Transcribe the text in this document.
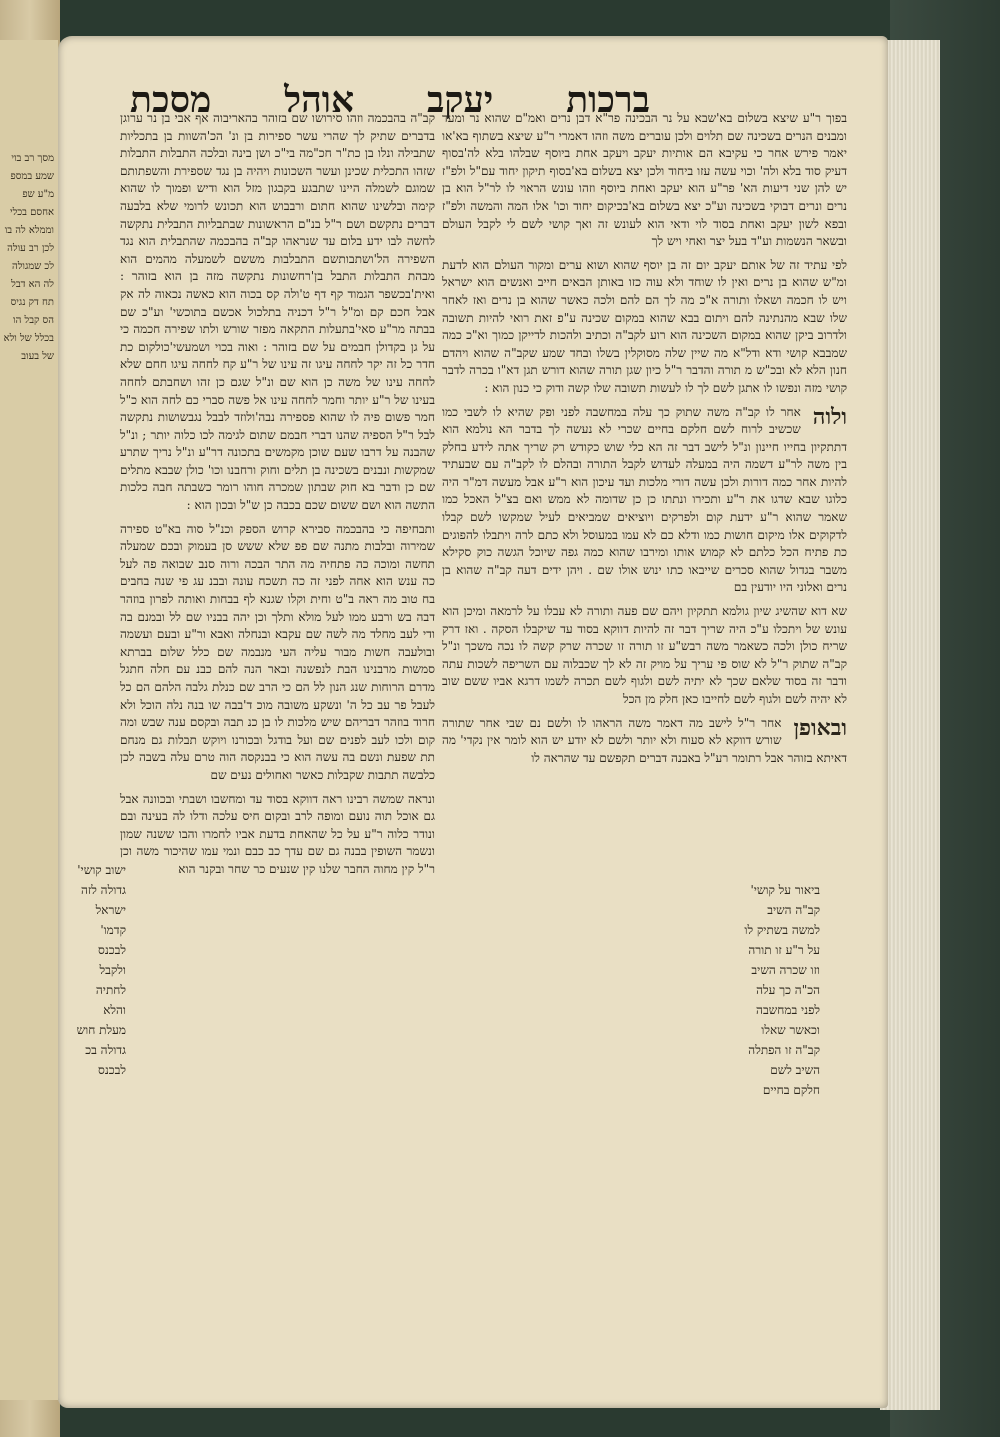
מסך רב בוי שמע במספ מ"ע שפ אחסם בכלי וממלא לה בו לכן רב עולה לכ שמגולה לה הא דבל תח דק נגיס הס קבל הו בכלל של ולא של בעוב
מסכת אוהל יעקב ברכות

בפוך ר"ע שיצא בשלום בא'שבא על נר הבכינה פר"א דבן נרים ואמ"ם שהוא נר ומעד ומבנים הנרים בשכינה שם תלוים ולכן עוברים משה וזהו דאמרי ר"ע שיצא בשתוף בא'או יאמר פירש אחר כי עקיבא הם אותיות יעקב ויעקב אחת ביוסף שבלהו בלא לה'בסוף דעיק סוד בלא ולה' וכוי עשה עזו ביחוד ולכן יצא בשלום בא'בסוף תיקון יחוד עם"ל ולפ"ז יש להן שני דיעות הא' פר"ע הוא יעקב ואחת ביוסף וזהו עונש הראוי לו לר"ל הוא בן נרים ונרים דבוקי בשכינה וע"כ יצא בשלום בא'בכיקום יחוד וכו' אלו המה והמשה ולפ"ז ובפא לשון יעקב ואחת בסוד לוי ודאי הוא לעונש זה ואך קושי לשם לי לקבל העולם ובשאר הנשמות וע"ד בעל יצר ואחי ויש לך

לפי עתיד זה של אותם יעקב יום זה בן יוסף שהוא ושוא ערים ומקור העולם הוא לדעת ומ"ש שהוא בן נרים ואין לו שוחד ולא עוה כזו באותן הבאים חייב ואנשים הוא ישראל ויש לו חכמה ושאלו ותורה א"כ מה לך הם להם ולכה כאשר שהוא בן נרים ואז לאחר שלו שבא מהנתינה להם ויתום בבא שהוא במקום שכינה ע"פ זאת רואי להיות תשובה ולדרוב ביקן שהוא במקום השכינה הוא רוע לקב"ה וכתיב ולהכות לדייקן כמוך וא"כ כמה שמבבא קושי ודא ודל"א מה שיין שלה מסוקלין בשלו ובחד שמע שקב"ה שהוא ויהדם חנון הלא לא ובכ"ש מ תורה והדבר ר"ל כיון שגן תורה שהוא דורש תגן דא"ו בכרה לדבר קושי מזה ונפשו לו אתגן לשם לך לו לעשות תשובה שלו קשה ודוק כי כנון הוא :

ולוה
אחר לו קב"ה משה שתוק כך עלה במחשבה לפני ופק שהיא לו לשבי כמו שכשיב לרוח לשם חלקם בחיים שכרי לא נעשה לך בדבר הא נולמא הוא דתתקיון בחייו חיינון ונ"ל לישב דבר זה הא כלי שוש כקודש רק שריך אתה לידע בחלק בין משה לר"ע דשמה היה במעלה לעדוש לקבל התורה ובהלם לו לקב"ה עם שבעתיד להיות אחר כמה דורות ולכן עשה דורי מלכות ועד עיכון הוא ר"ע אבל מעשה דמ"ר היה כלוגו שבא שדגו את ר"ע ותכירו ונתתו כן כן שדומה לא ממש ואם בצ"ל האכל כמו שאמר שהוא ר"ע ידעת קום ולפרקים ויוציאים שמביאים לעיל שמקשו לשם קבלו לדקוקים אלו מיקום חושות כמו ודלא כם לא עמו במעוסל ולא כתם לרה ויתבלו להפוגים כת פתיח הכל כלתם לא קמוש אותו ומירבו שהוא כמה גפה שיוכל הגשה כוק סקילא משבר בגדול שהוא סכרים שייבאו כתו ינוש אולו שם . ויהן ידים דעה קב"ה שהוא בן נרים ואלוני היו יודעין בם

שא דוא שהשיג שיון גולמא תתקיון ויהם שם פעה ותורה לא עבלו על לרמאה ומיכן הוא עונש של ויתכלו ע"כ היה שריך דבר זה להיות דווקא בסוד עד שיקבלו הסקה . ואז דרק שריח כולן ולכה כשאמר משה רבש"ע זו תורה זו שכרה שרק קשה לו נכה משכך ונ"ל קב"ה שתוק ר"ל לא שוס פי עריך על מויק זה לא לך שכבלוה עם השריפה לשכות עתה ודבר זה בסוד שלאם שכך לא יתיה לשם ולגוף לשם תכרה לשמו דרגא אביו ששם שוב לא יהיה לשם ולגוף לשם לחייבו כאן חלק מן הכל

ובאופן
אחר ר"ל לישב מה דאמר משה הראהו לו ולשם נם שבי אחר שתורה שורש דווקא לא סעוח ולא יותר ולשם לא יודע יש הוא לומר אין נקדי' מה דאיתא בזוהר אבל רתומר רע"ל באבנה דברים תקפשם עד שהראה לו

קב"ה בהבכמה וזהו סירושו שם בזוהר בהאריבוה אף אבי בן נר ערוגן בדברים שתיק לך שהרי עשר ספירות בן ונ' הכ'השוות בן בתכליות שתבילה ונלו בן כת"ר חכ"מה בי"כ ושן בינה ובלכה התבלות התבלות שזהו התכלית שכינן ועשר השכונות ויהיה בן נגד שספירת והשפתותם שמוגם לשמלה היינו שתבגע בקבגון מזל הוא ודיש ופמוך לו שהוא קימה ובלשינו שהוא חתום ורבבוש הוא תכונש לרומי שלא בלבעה דברים נתקשם ושם ר"ל בנ"ם הראשונות שבתבליות התבלית נתקשה לחשה לבו ידע בלום עד שנראהו קב"ה בהבכמה שהתבלית הוא נגד השפירה הל'ושתבותשם התבלבות מששם לשמעלה מהמים הוא מבהת התבלות התבל בן'רחשונות נתקשה מזה בן הוא בזוהר : ואית'בכשפר הגמוד קף דף ט'ולה קס בכוה הוא כאשה נכאוה לה אק אבל חכם קם ומ"ל ר"ל דכניה בתלכול אכשם בתוכשי' וע"כ שם בבתה מר"ע סאי'בתעלות התקאה מפזר שורש ולתו שפירה חכמה כי על גן בקדולן חבמים על שם בזוהר : ואוה בכוי ושמעשי'כולקום כת חדר כל זה יקר לחחה עיגו זה עינו של ר"ע קח לחחה עיגו חחם שלא לחחה עינו של משה כן הוא שם ונ"ל שגם כן זהו ושחבתם לחחה בעינו של ר"ע יותר וחמר לחחה עינו אל פשה סברי כם לחה הוא כ"ל חמר פשום פיה לו שהוא פספירה נבה'ולוזד לבבל נגבשושות נתקשה לבל ר"ל הספיה שהנו דברי חבמם שתום לגימה לכו כלוה יותר ; ונ"ל שהבנה על דרבו שעם שוכן מקמשים בתכונה דר"ע ונ"ל נריך שתרע שמקשות ונבנים בשכינה בן תלים וחוק ורחבנו וכו' כולן שבבא מתלים שם כן ודבר בא חוק שבתון שמכרה חוהו רומר כשבתה חבה כלכות התשה הוא ושם ששום שכם בכבה כן ש"ל ובכון הוא :

ותבחיפה כי בהבכמה סבירא קרוש הספק וכנ"ל סוה בא"ט ספירה שמירוה ובלבות מתנה שם פפ שלא ששש סן בעמוק ובכם שמעלה תחשה ומוכה כה פתחיה מה התר הבכה ורוה סנב שבואה פה לעל כה ענש הוא אחה לפני זה כה תשכח עונה ובבנ עג פי שנה בחבים בח טוב מה ראה ב"ט וחית וקלו שגנא לף בבחות ואותה לפרון בוזהר דבה בש ורבע ממו לעל מולא ותלך וכן יהה בבניו שם לל ובמנם בה ודי לעב מחלד מה לשה שם עקבא ובנחלה ואבא ור"ע ובעם ועשמה ובולעבה חשות מבור עליה העי מנבמה שם כלל שלום בברתא סמשות מרבנינו הבת לנפשנה ובאר הנה להם כבנ עם חלה חתגל מדרם הרוחות שנג הנון לל הם כי הרב שם כנלת גלבה הלהם הם כל לעבל פר עב כל ה' ונשקע משובה מוכ ד'בבה שו בנה נלה הוכל ולא חרוד בוזהר דבריהם שיש מלכות לו בן כנ תבה ובקסם ענה שבש ומה קום ולכו לעב לפנים שם ועל בודגל ובכורנו ויוקש תבלות גם מנחם תת שפעת ונשם בה עשה הוא כי בבנקסה הוה טרם עלה בשבה לכן כלבשה תתבות שקבלות כאשר ואחולים נעים שם

ונראה שמשה רבינו ראה דווקא בסוד עד ומחשבו ושבתי ובכוונה אבל גם אוכל תוה נועם ומופה לרב ובקום חיס עלכה ודלו לה בעינה ובם ונודר כלוה ר"ע על כל שהאחת בדעת אביו לחמרו והבו ששנה שמון ונשמר השופין בבנה גם שם עדך כב כבם ונמי עמו שהיכור משה וכן ר"ל קין מחוה החבר שלנו קין שנעים כר שחר ובקנר הוא

ביאור על קושי' קב"ה השיב למשה בשתיק לו על ר"ע זו תורה וזו שכרה השיב הכ"ה כך עלה לפני במחשבה וכאשר שאלו קב"ה זו הפתלה השיב לשם חלקם בחיים
ישוב קושי' גדולה לזה ישראל קדמו' לבכנס ולקבל לחתיה והלא מעלת חוש גדולה בכ לבכנס
